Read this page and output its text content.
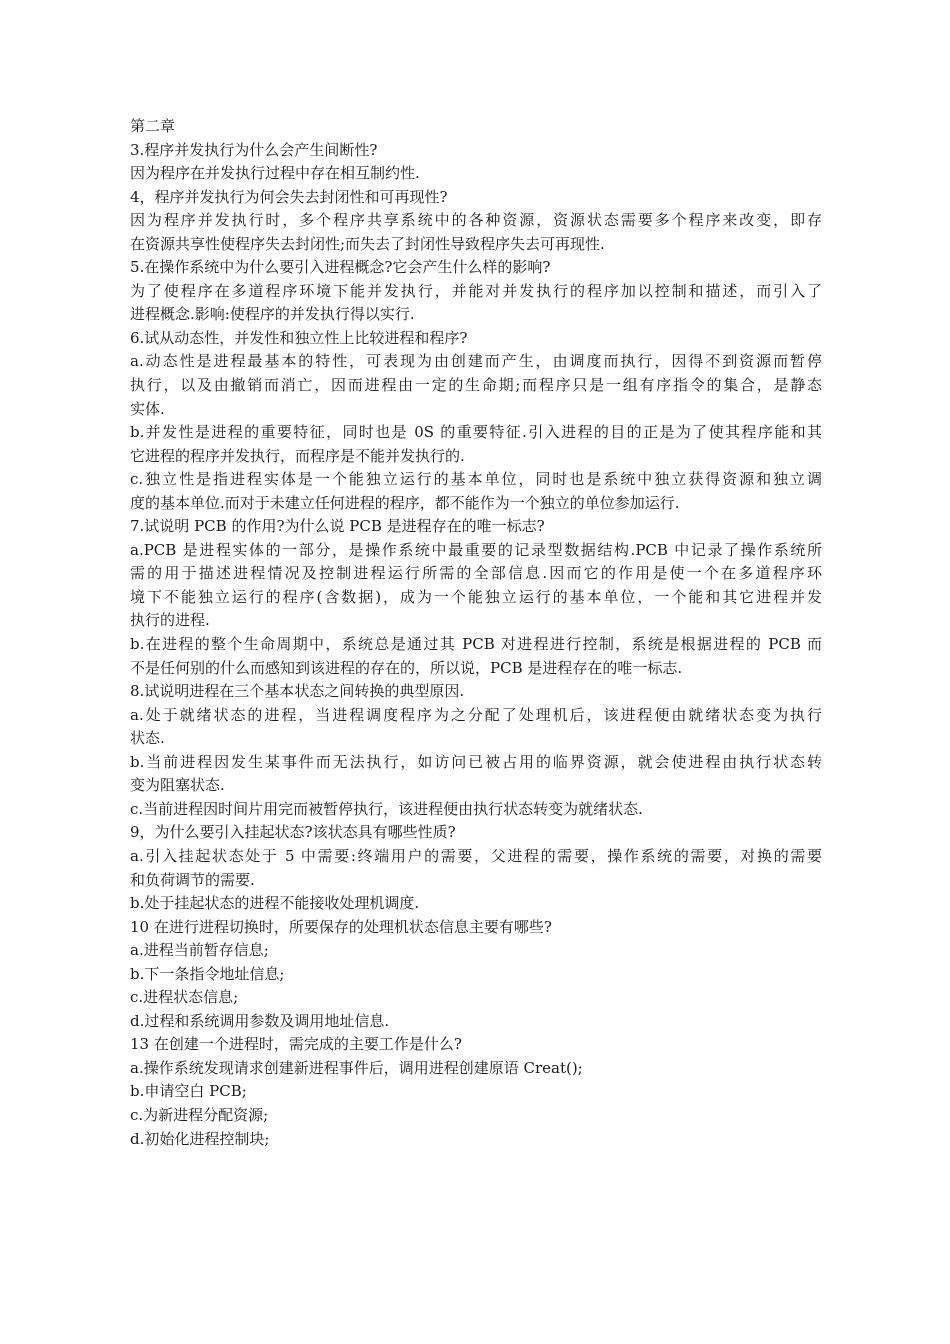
第二章
3.程序并发执行为什么会产生间断性?
因为程序在并发执行过程中存在相互制约性.
4，程序并发执行为何会失去封闭性和可再现性?
因为程序并发执行时，多个程序共享系统中的各种资源，资源状态需要多个程序来改变，即存
在资源共享性使程序失去封闭性;而失去了封闭性导致程序失去可再现性.
5.在操作系统中为什么要引入进程概念?它会产生什么样的影响?
为了使程序在多道程序环境下能并发执行，并能对并发执行的程序加以控制和描述，而引入了
进程概念.影响:使程序的并发执行得以实行.
6.试从动态性，并发性和独立性上比较进程和程序?
a.动态性是进程最基本的特性，可表现为由创建而产生，由调度而执行，因得不到资源而暂停
执行，以及由撤销而消亡，因而进程由一定的生命期;而程序只是一组有序指令的集合，是静态
实体.
b.并发性是进程的重要特征，同时也是 0S 的重要特征.引入进程的目的正是为了使其程序能和其
它进程的程序并发执行，而程序是不能并发执行的.
c.独立性是指进程实体是一个能独立运行的基本单位，同时也是系统中独立获得资源和独立调
度的基本单位.而对于未建立任何进程的程序，都不能作为一个独立的单位参加运行.
7.试说明 PCB 的作用?为什么说 PCB 是进程存在的唯一标志?
a.PCB 是进程实体的一部分，是操作系统中最重要的记录型数据结构.PCB 中记录了操作系统所
需的用于描述进程情况及控制进程运行所需的全部信息.因而它的作用是使一个在多道程序环
境下不能独立运行的程序(含数据)，成为一个能独立运行的基本单位，一个能和其它进程并发
执行的进程.
b.在进程的整个生命周期中，系统总是通过其 PCB 对进程进行控制，系统是根据进程的 PCB 而
不是任何别的什么而感知到该进程的存在的，所以说，PCB 是进程存在的唯一标志.
8.试说明进程在三个基本状态之间转换的典型原因.
a.处于就绪状态的进程，当进程调度程序为之分配了处理机后，该进程便由就绪状态变为执行
状态.
b.当前进程因发生某事件而无法执行，如访问已被占用的临界资源，就会使进程由执行状态转
变为阻塞状态.
c.当前进程因时间片用完而被暂停执行，该进程便由执行状态转变为就绪状态.
9，为什么要引入挂起状态?该状态具有哪些性质?
a.引入挂起状态处于 5 中需要:终端用户的需要，父进程的需要，操作系统的需要，对换的需要
和负荷调节的需要.
b.处于挂起状态的进程不能接收处理机调度.
10 在进行进程切换时，所要保存的处理机状态信息主要有哪些?
a.进程当前暂存信息;
b.下一条指令地址信息;
c.进程状态信息;
d.过程和系统调用参数及调用地址信息.
13 在创建一个进程时，需完成的主要工作是什么?
a.操作系统发现请求创建新进程事件后，调用进程创建原语 Creat();
b.申请空白 PCB;
c.为新进程分配资源;
d.初始化进程控制块;
